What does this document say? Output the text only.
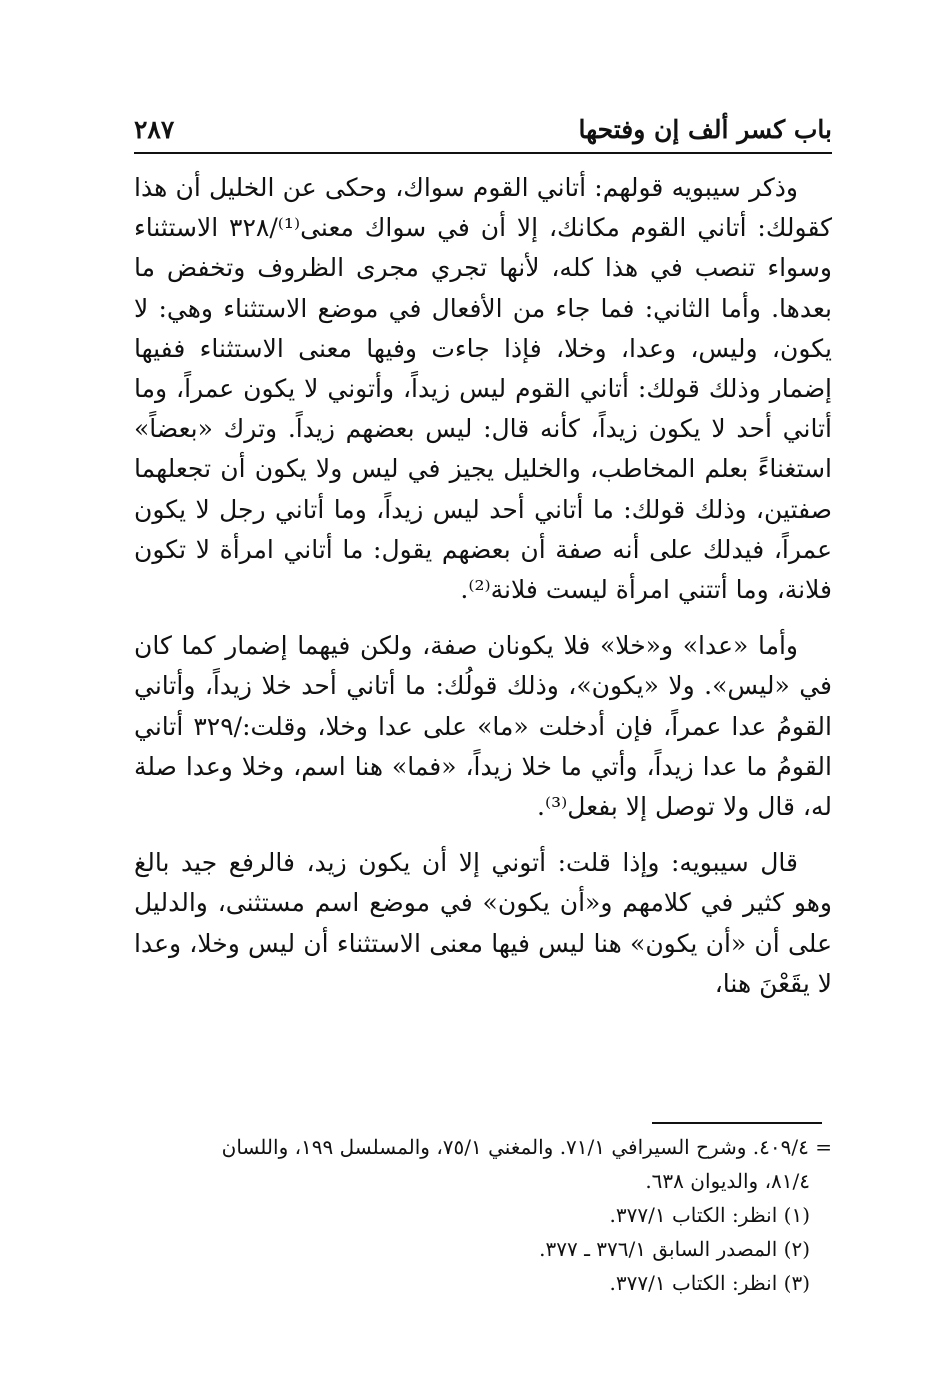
باب كسر ألف إن وفتحها
٢٨٧

وذكر سيبويه قولهم: أتاني القوم سواك، وحكى عن الخليل أن هذا كقولك: أتاني القوم مكانك، إلا أن في سواك معنى⁽¹⁾/٣٢٨ الاستثناء وسواء تنصب في هذا كله، لأنها تجري مجرى الظروف وتخفض ما بعدها. وأما الثاني: فما جاء من الأفعال في موضع الاستثناء وهي: لا يكون، وليس، وعدا، وخلا، فإذا جاءت وفيها معنى الاستثناء ففيها إضمار وذلك قولك: أتاني القوم ليس زيداً، وأتوني لا يكون عمراً، وما أتاني أحد لا يكون زيداً، كأنه قال: ليس بعضهم زيداً. وترك «بعضاً» استغناءً بعلم المخاطب، والخليل يجيز في ليس ولا يكون أن تجعلهما صفتين، وذلك قولك: ما أتاني أحد ليس زيداً، وما أتاني رجل لا يكون عمراً، فيدلك على أنه صفة أن بعضهم يقول: ما أتاني امرأة لا تكون فلانة، وما أتتني امرأة ليست فلانة⁽²⁾.

وأما «عدا» و«خلا» فلا يكونان صفة، ولكن فيهما إضمار كما كان في «ليس». ولا «يكون»، وذلك قولُك: ما أتاني أحد خلا زيداً، وأتاني القومُ عدا عمراً، فإن أدخلت «ما» على عدا وخلا، وقلت:/٣٢٩ أتاني القومُ ما عدا زيداً، وأتي ما خلا زيداً، «فما» هنا اسم، وخلا وعدا صلة له، قال ولا توصل إلا بفعل⁽³⁾.

قال سيبويه: وإذا قلت: أتوني إلا أن يكون زيد، فالرفع جيد بالغ وهو كثير في كلامهم و«أن يكون» في موضع اسم مستثنى، والدليل على أن «أن يكون» هنا ليس فيها معنى الاستثناء أن ليس وخلا، وعدا لا يقَعْنَ هنا،

= ٤٠٩/٤. وشرح السيرافي ٧١/١. والمغني ٧٥/١، والمسلسل ١٩٩، واللسان

٨١/٤، والديوان ٦٣٨.

(١) انظر: الكتاب ٣٧٧/١.

(٢) المصدر السابق ٣٧٦/١ ـ ٣٧٧.

(٣) انظر: الكتاب ٣٧٧/١.
